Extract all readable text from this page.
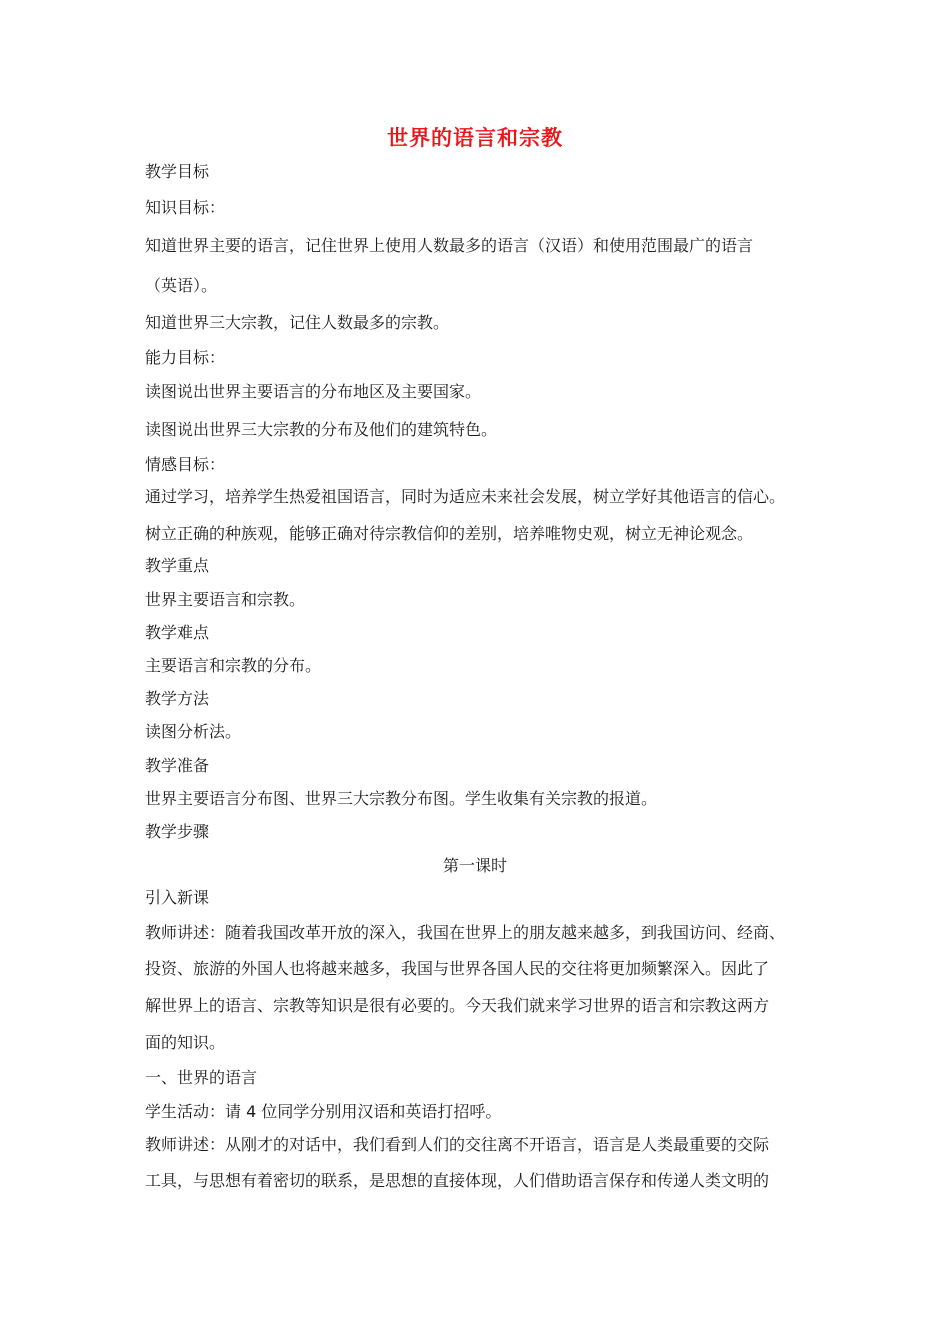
世界的语言和宗教
教学目标
知识目标：
知道世界主要的语言，记住世界上使用人数最多的语言（汉语）和使用范围最广的语言
（英语）。
知道世界三大宗教，记住人数最多的宗教。
能力目标：
读图说出世界主要语言的分布地区及主要国家。
读图说出世界三大宗教的分布及他们的建筑特色。
情感目标：
通过学习，培养学生热爱祖国语言，同时为适应未来社会发展，树立学好其他语言的信心。
树立正确的种族观，能够正确对待宗教信仰的差别，培养唯物史观，树立无神论观念。
教学重点
世界主要语言和宗教。
教学难点
主要语言和宗教的分布。
教学方法
读图分析法。
教学准备
世界主要语言分布图、世界三大宗教分布图。学生收集有关宗教的报道。
教学步骤
第一课时
引入新课
教师讲述：随着我国改革开放的深入，我国在世界上的朋友越来越多，到我国访问、经商、
投资、旅游的外国人也将越来越多，我国与世界各国人民的交往将更加频繁深入。因此了
解世界上的语言、宗教等知识是很有必要的。今天我们就来学习世界的语言和宗教这两方
面的知识。
一、世界的语言
学生活动：请 4 位同学分别用汉语和英语打招呼。
教师讲述：从刚才的对话中，我们看到人们的交往离不开语言，语言是人类最重要的交际
工具，与思想有着密切的联系，是思想的直接体现，人们借助语言保存和传递人类文明的
